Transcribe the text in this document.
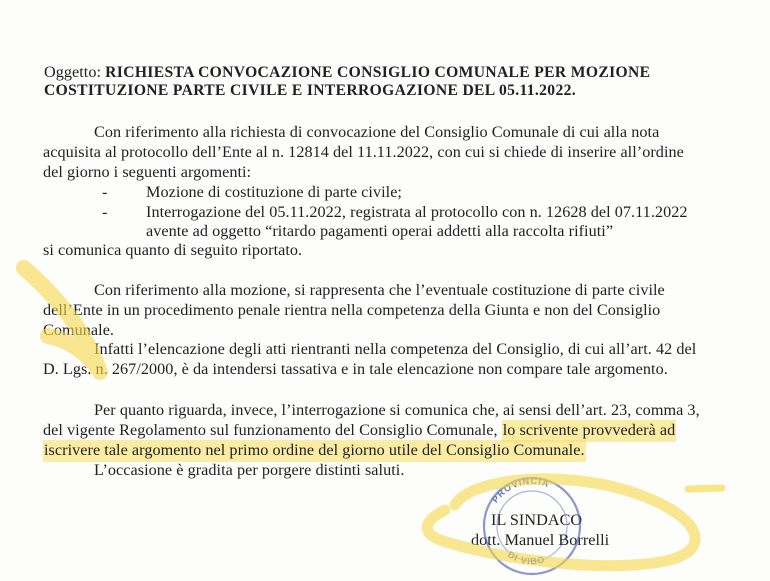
Oggetto: RICHIESTA CONVOCAZIONE CONSIGLIO COMUNALE PER MOZIONE
COSTITUZIONE PARTE CIVILE E INTERROGAZIONE DEL 05.11.2022.
Con riferimento alla richiesta di convocazione del Consiglio Comunale di cui alla nota
acquisita al protocollo dell’Ente al n. 12814 del 11.11.2022, con cui si chiede di inserire all’ordine
del giorno i seguenti argomenti:
- Mozione di costituzione di parte civile;
- Interrogazione del 05.11.2022, registrata al protocollo con n. 12628 del 07.11.2022
avente ad oggetto “ritardo pagamenti operai addetti alla raccolta rifiuti”
si comunica quanto di seguito riportato.
Con riferimento alla mozione, si rappresenta che l’eventuale costituzione di parte civile
dell’Ente in un procedimento penale rientra nella competenza della Giunta e non del Consiglio
Comunale.
Infatti l’elencazione degli atti rientranti nella competenza del Consiglio, di cui all’art. 42 del
D. Lgs. n. 267/2000, è da intendersi tassativa e in tale elencazione non compare tale argomento.
Per quanto riguarda, invece, l’interrogazione si comunica che, ai sensi dell’art. 23, comma 3,
del vigente Regolamento sul funzionamento del Consiglio Comunale, lo scrivente provvederà ad
iscrivere tale argomento nel primo ordine del giorno utile del Consiglio Comunale.
L’occasione è gradita per porgere distinti saluti.
IL SINDACO
dott. Manuel Borrelli
PROVINCIA
DI VIBO
